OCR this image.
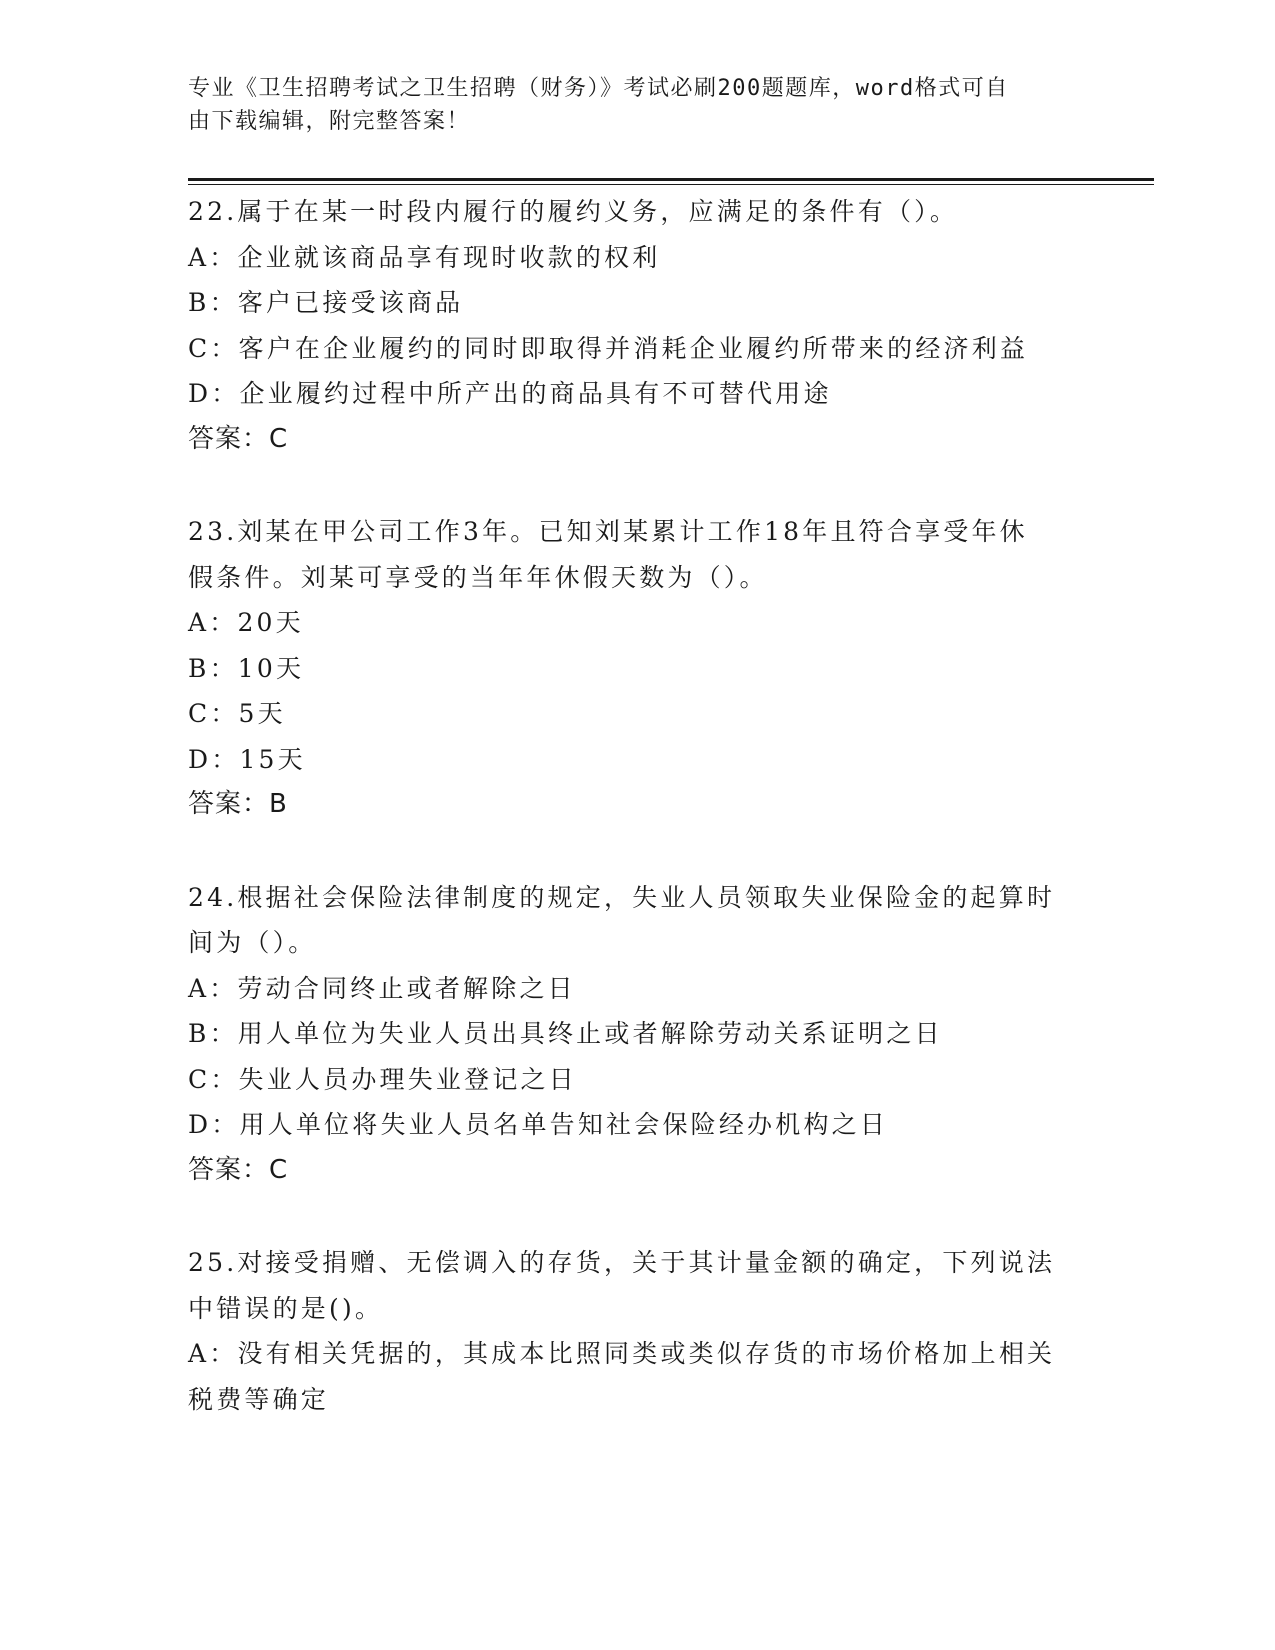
专业《卫生招聘考试之卫生招聘（财务）》考试必刷200题题库，word格式可自
由下载编辑，附完整答案！
22.属于在某一时段内履行的履约义务，应满足的条件有（）。
A：企业就该商品享有现时收款的权利
B：客户已接受该商品
C：客户在企业履约的同时即取得并消耗企业履约所带来的经济利益
D：企业履约过程中所产出的商品具有不可替代用途
答案：C
23.刘某在甲公司工作3年。已知刘某累计工作18年且符合享受年休
假条件。刘某可享受的当年年休假天数为（）。
A：20天
B：10天
C：5天
D：15天
答案：B
24.根据社会保险法律制度的规定，失业人员领取失业保险金的起算时
间为（）。
A：劳动合同终止或者解除之日
B：用人单位为失业人员出具终止或者解除劳动关系证明之日
C：失业人员办理失业登记之日
D：用人单位将失业人员名单告知社会保险经办机构之日
答案：C
25.对接受捐赠、无偿调入的存货，关于其计量金额的确定，下列说法
中错误的是()。
A：没有相关凭据的，其成本比照同类或类似存货的市场价格加上相关
税费等确定
